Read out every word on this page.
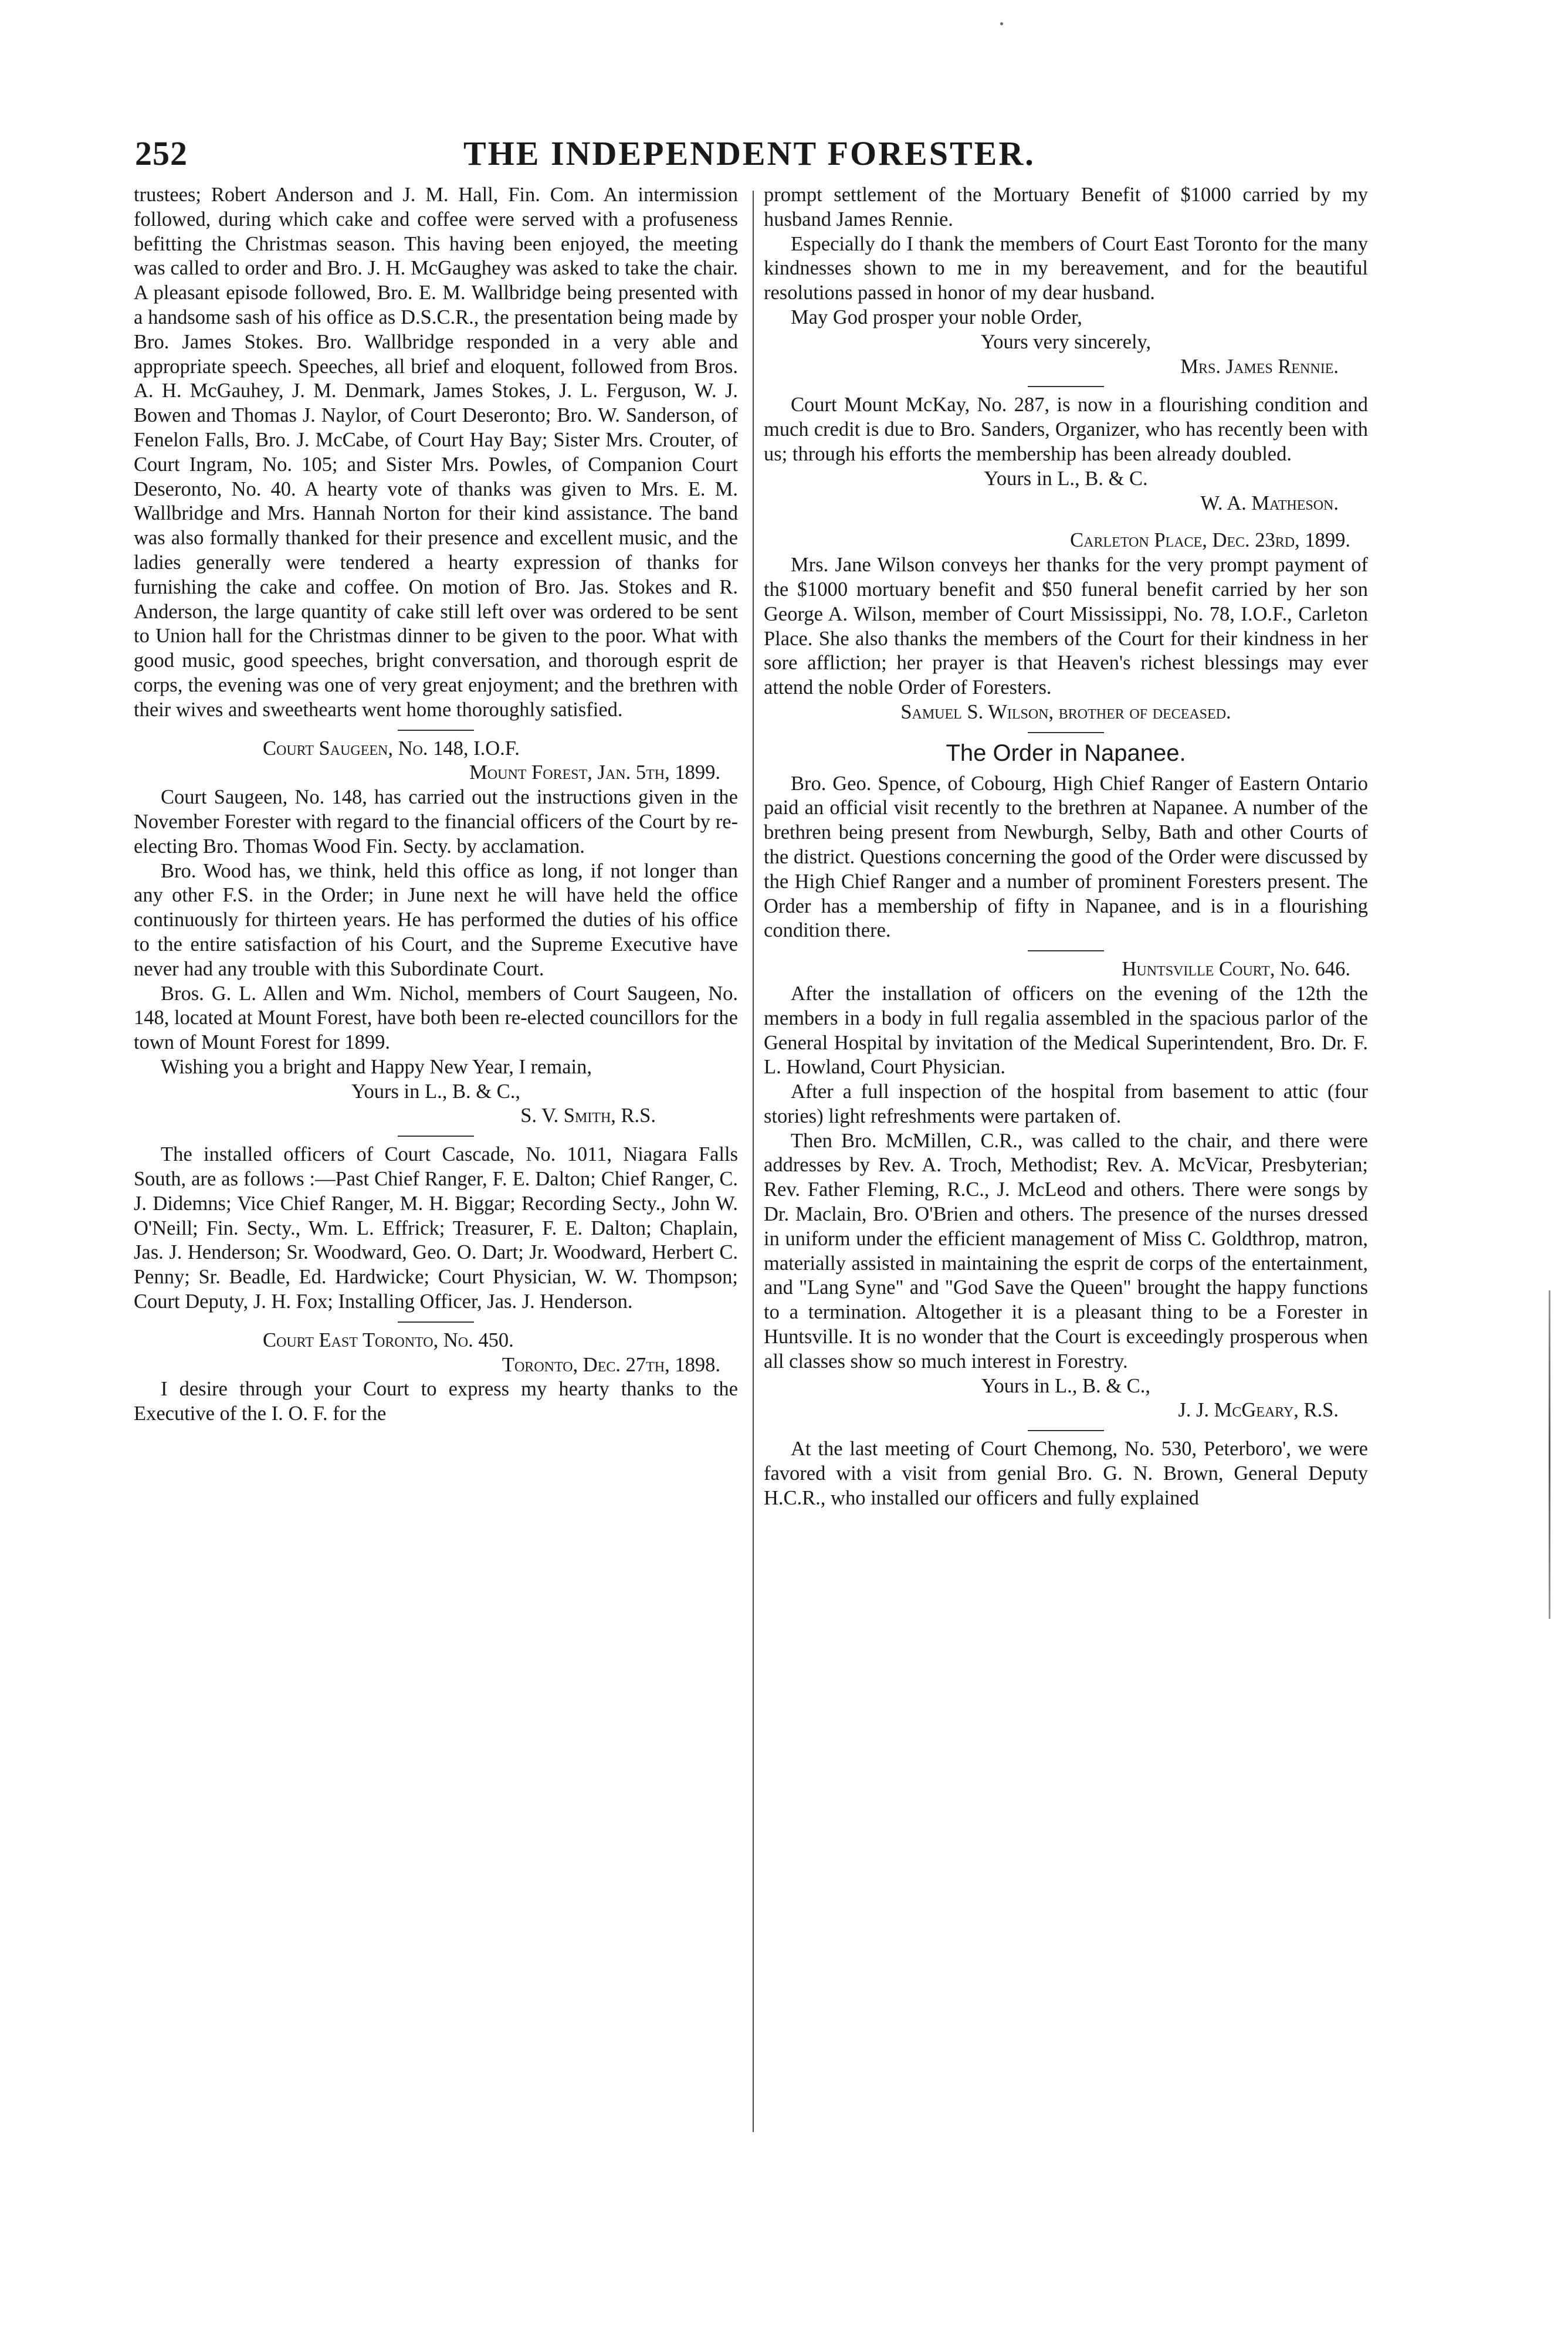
252	THE INDEPENDENT FORESTER.

trustees; Robert Anderson and J. M. Hall, Fin. Com. An intermission followed, during which cake and coffee were served with a profuseness befitting the Christmas season. This having been enjoyed, the meeting was called to order and Bro. J. H. McGaughey was asked to take the chair. A pleasant episode followed, Bro. E. M. Wallbridge being presented with a handsome sash of his office as D.S.C.R., the presentation being made by Bro. James Stokes. Bro. Wallbridge responded in a very able and appropriate speech. Speeches, all brief and eloquent, followed from Bros. A. H. McGauhey, J. M. Denmark, James Stokes, J. L. Ferguson, W. J. Bowen and Thomas J. Naylor, of Court Deseronto; Bro. W. Sanderson, of Fenelon Falls, Bro. J. McCabe, of Court Hay Bay; Sister Mrs. Crouter, of Court Ingram, No. 105; and Sister Mrs. Powles, of Companion Court Deseronto, No. 40. A hearty vote of thanks was given to Mrs. E. M. Wallbridge and Mrs. Hannah Norton for their kind assistance. The band was also formally thanked for their presence and excellent music, and the ladies generally were tendered a hearty expression of thanks for furnishing the cake and coffee. On motion of Bro. Jas. Stokes and R. Anderson, the large quantity of cake still left over was ordered to be sent to Union hall for the Christmas dinner to be given to the poor. What with good music, good speeches, bright conversation, and thorough esprit de corps, the evening was one of very great enjoyment; and the brethren with their wives and sweethearts went home thoroughly satisfied.

Court Saugeen, No. 148, I.O.F.

Mount Forest, Jan. 5th, 1899.

Court Saugeen, No. 148, has carried out the instructions given in the November Forester with regard to the financial officers of the Court by re-electing Bro. Thomas Wood Fin. Secty. by acclamation.

Bro. Wood has, we think, held this office as long, if not longer than any other F.S. in the Order; in June next he will have held the office continuously for thirteen years. He has performed the duties of his office to the entire satisfaction of his Court, and the Supreme Executive have never had any trouble with this Subordinate Court.

Bros. G. L. Allen and Wm. Nichol, members of Court Saugeen, No. 148, located at Mount Forest, have both been re-elected councillors for the town of Mount Forest for 1899.

Wishing you a bright and Happy New Year, I remain,

Yours in L., B. & C.,

S. V. Smith, R.S.

The installed officers of Court Cascade, No. 1011, Niagara Falls South, are as follows :—Past Chief Ranger, F. E. Dalton; Chief Ranger, C. J. Didemns; Vice Chief Ranger, M. H. Biggar; Recording Secty., John W. O'Neill; Fin. Secty., Wm. L. Effrick; Treasurer, F. E. Dalton; Chaplain, Jas. J. Henderson; Sr. Woodward, Geo. O. Dart; Jr. Woodward, Herbert C. Penny; Sr. Beadle, Ed. Hardwicke; Court Physician, W. W. Thompson; Court Deputy, J. H. Fox; Installing Officer, Jas. J. Henderson.

Court East Toronto, No. 450.

Toronto, Dec. 27th, 1898.

I desire through your Court to express my hearty thanks to the Executive of the I. O. F. for the

prompt settlement of the Mortuary Benefit of $1000 carried by my husband James Rennie.

Especially do I thank the members of Court East Toronto for the many kindnesses shown to me in my bereavement, and for the beautiful resolutions passed in honor of my dear husband.

May God prosper your noble Order,

Yours very sincerely,

Mrs. James Rennie.

Court Mount McKay, No. 287, is now in a flourishing condition and much credit is due to Bro. Sanders, Organizer, who has recently been with us; through his efforts the membership has been already doubled.

Yours in L., B. & C.

W. A. Matheson.

Carleton Place, Dec. 23rd, 1899.

Mrs. Jane Wilson conveys her thanks for the very prompt payment of the $1000 mortuary benefit and $50 funeral benefit carried by her son George A. Wilson, member of Court Mississippi, No. 78, I.O.F., Carleton Place. She also thanks the members of the Court for their kindness in her sore affliction; her prayer is that Heaven's richest blessings may ever attend the noble Order of Foresters.

Samuel S. Wilson, brother of deceased.

The Order in Napanee.

Bro. Geo. Spence, of Cobourg, High Chief Ranger of Eastern Ontario paid an official visit recently to the brethren at Napanee. A number of the brethren being present from Newburgh, Selby, Bath and other Courts of the district. Questions concerning the good of the Order were discussed by the High Chief Ranger and a number of prominent Foresters present. The Order has a membership of fifty in Napanee, and is in a flourishing condition there.

Huntsville Court, No. 646.

After the installation of officers on the evening of the 12th the members in a body in full regalia assembled in the spacious parlor of the General Hospital by invitation of the Medical Superintendent, Bro. Dr. F. L. Howland, Court Physician.

After a full inspection of the hospital from basement to attic (four stories) light refreshments were partaken of.

Then Bro. McMillen, C.R., was called to the chair, and there were addresses by Rev. A. Troch, Methodist; Rev. A. McVicar, Presbyterian; Rev. Father Fleming, R.C., J. McLeod and others. There were songs by Dr. Maclain, Bro. O'Brien and others. The presence of the nurses dressed in uniform under the efficient management of Miss C. Goldthrop, matron, materially assisted in maintaining the esprit de corps of the entertainment, and "Lang Syne" and "God Save the Queen" brought the happy functions to a termination. Altogether it is a pleasant thing to be a Forester in Huntsville. It is no wonder that the Court is exceedingly prosperous when all classes show so much interest in Forestry.

Yours in L., B. & C.,

J. J. McGeary, R.S.

At the last meeting of Court Chemong, No. 530, Peterboro', we were favored with a visit from genial Bro. G. N. Brown, General Deputy H.C.R., who installed our officers and fully explained
